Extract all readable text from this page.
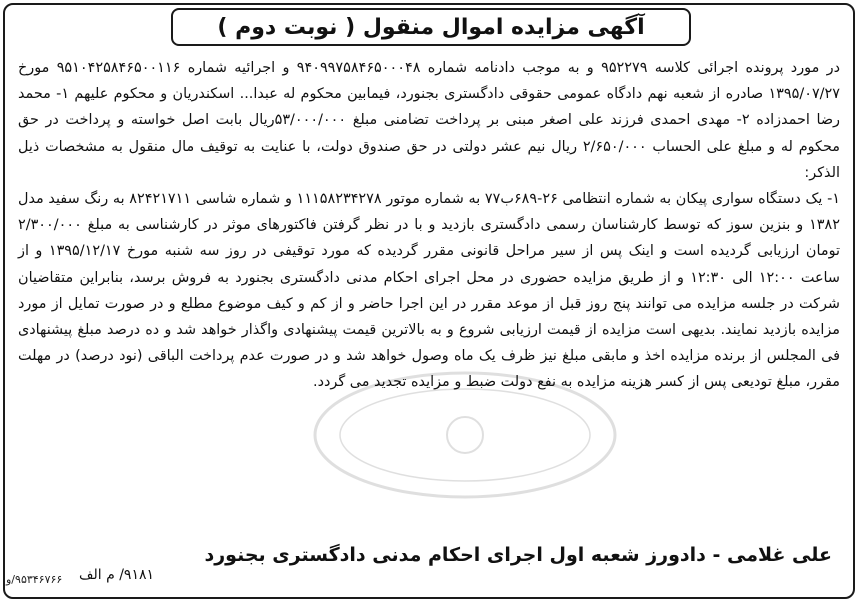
آگهی مزایده اموال منقول ( نوبت دوم )

در مورد پرونده اجرائی کلاسه ۹۵۲۲۷۹ و به موجب دادنامه شماره ۹۴۰۹۹۷۵۸۴۶۵۰۰۰۴۸ و اجرائیه شماره ۹۵۱۰۴۲۵۸۴۶۵۰۰۱۱۶ مورخ ۱۳۹۵/۰۷/۲۷ صادره از شعبه نهم دادگاه عمومی حقوقی دادگستری بجنورد، فیمابین محکوم له عبدا... اسکندریان و محکوم علیهم ۱- محمد رضا احمدزاده ۲- مهدی احمدی فرزند علی اصغر مبنی بر پرداخت تضامنی مبلغ ۵۳/۰۰۰/۰۰۰ریال بابت اصل خواسته و پرداخت در حق محکوم له و مبلغ علی الحساب ۲/۶۵۰/۰۰۰ ریال نیم عشر دولتی در حق صندوق دولت، با عنایت به توقیف مال منقول به مشخصات ذیل الذکر:

۱- یک دستگاه سواری پیکان به شماره انتظامی ۲۶-۶۸۹ب۷۷ به شماره موتور ۱۱۱۵۸۲۳۴۲۷۸ و شماره شاسی ۸۲۴۲۱۷۱۱ به رنگ سفید مدل ۱۳۸۲ و بنزین سوز که توسط کارشناسان رسمی دادگستری بازدید و با در نظر گرفتن فاکتورهای موثر در کارشناسی به مبلغ ۲/۳۰۰/۰۰۰ تومان ارزیابی گردیده است و اینک پس از سیر مراحل قانونی مقرر گردیده که مورد توقیفی در روز سه شنبه مورخ ۱۳۹۵/۱۲/۱۷ و از ساعت ۱۲:۰۰ الی ۱۲:۳۰ و از طریق مزایده حضوری در محل اجرای احکام مدنی دادگستری بجنورد به فروش برسد، بنابراین متقاضیان شرکت در جلسه مزایده می توانند پنج روز قبل از موعد مقرر در این اجرا حاضر و از کم و کیف موضوع مطلع و در صورت تمایل از مورد مزایده بازدید نمایند. بدیهی است مزایده از قیمت ارزیابی شروع و به بالاترین قیمت پیشنهادی واگذار خواهد شد و ده درصد مبلغ پیشنهادی فی المجلس از برنده مزایده اخذ و مابقی مبلغ نیز ظرف یک ماه وصول خواهد شد و در صورت عدم پرداخت الباقی (نود درصد) در مهلت مقرر، مبلغ تودیعی پس از کسر هزینه مزایده به نفع دولت ضبط و مزایده تجدید می گردد.

علی غلامی - دادورز شعبه اول اجرای احکام مدنی دادگستری بجنورد
۹۱۸۱/ م الف
۹۵۳۴۶۷۶۶/و
